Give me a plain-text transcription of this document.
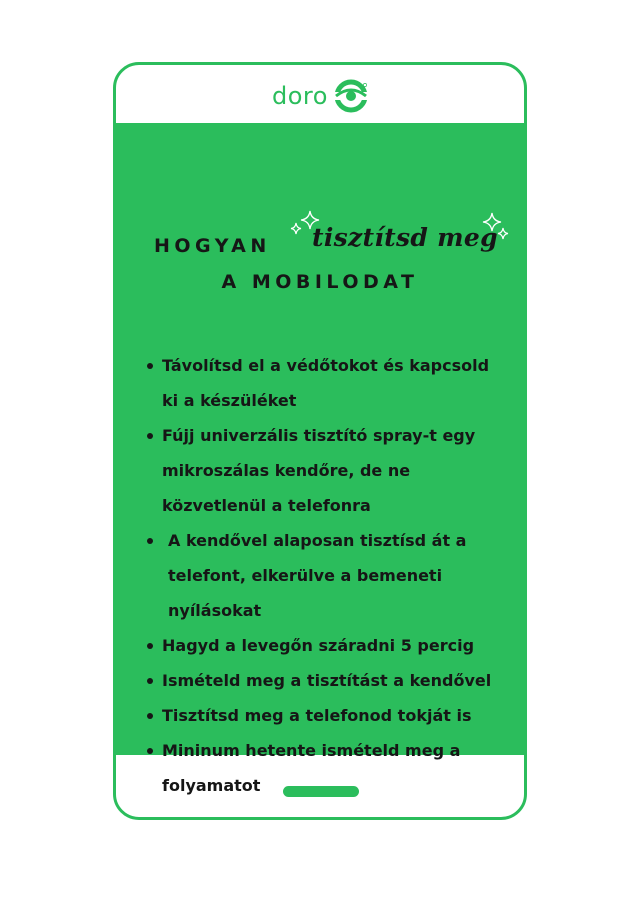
doro
HOGYAN tisztítsd meg
A MOBILODAT
Távolítsd el a védőtokot és kapcsold ki a készüléket
Fújj univerzális tisztító spray-t egy mikroszálas kendőre, de ne közvetlenül a telefonra
A kendővel alaposan tisztísd át a telefont, elkerülve a bemeneti nyílásokat
Hagyd a levegőn száradni 5 percig
Ismételd meg a tisztítást a kendővel
Tisztítsd meg a telefonod tokját is
Mininum hetente ismételd meg a folyamatot
